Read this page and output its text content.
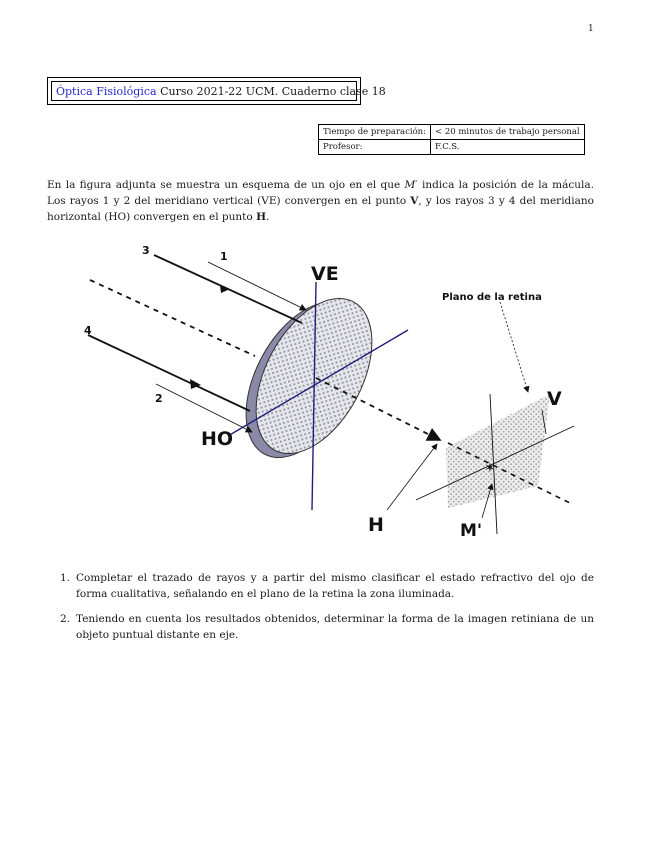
1
Óptica Fisiológica Curso 2021-22 UCM. Cuaderno clase 18
Tiempo de preparación:	< 20 minutos de trabajo personal
Profesor:	F.C.S.
En la figura adjunta se muestra un esquema de un ojo en el que M′ indica la posición de la mácula. Los rayos 1 y 2 del meridiano vertical (VE) convergen en el punto V, y los rayos 3 y 4 del meridiano horizontal (HO) convergen en el punto H.
✶
3	1
4
2
VE
HO
Plano de la retina
V
H	M'
1. Completar el trazado de rayos y a partir del mismo clasificar el estado refractivo del ojo de forma cualitativa, señalando en el plano de la retina la zona iluminada.
2. Teniendo en cuenta los resultados obtenidos, determinar la forma de la imagen retiniana de un objeto puntual distante en eje.
